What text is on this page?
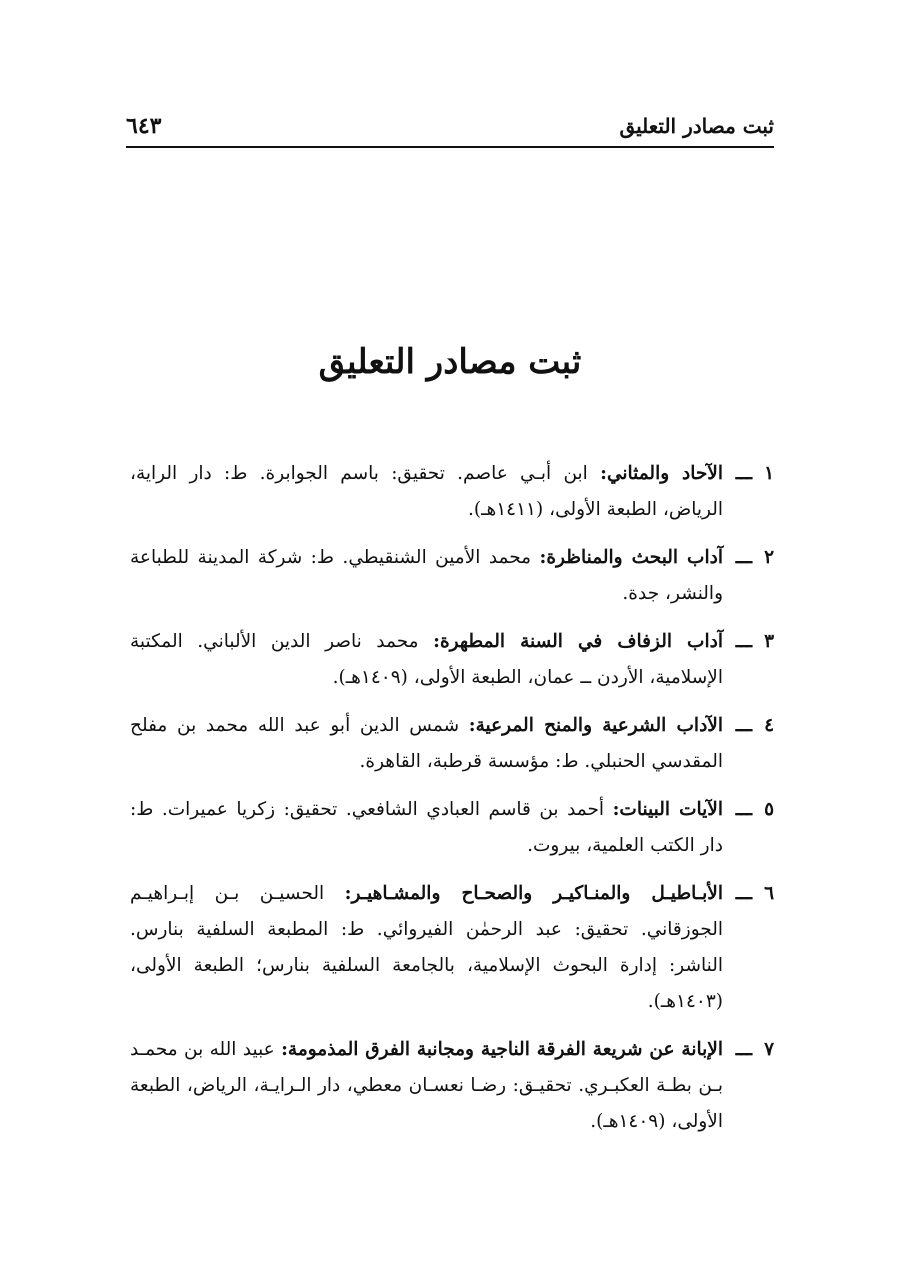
ثبت مصادر التعليق
٦٤٣
ثبت مصادر التعليق
١ـــ
الآحاد والمثاني: ابن أبـي عاصم. تحقيق: باسم الجوابرة. ط: دار الراية، الرياض، الطبعة الأولى، (١٤١١هـ).
٢ـــ
آداب البحث والمناظرة: محمد الأمين الشنقيطي. ط: شركة المدينة للطباعة والنشر، جدة.
٣ـــ
آداب الزفاف في السنة المطهرة: محمد ناصر الدين الألباني. المكتبة الإسلامية، الأردن ــ عمان، الطبعة الأولى، (١٤٠٩هـ).
٤ـــ
الآداب الشرعية والمنح المرعية: شمس الدين أبو عبد الله محمد بن مفلح المقدسي الحنبلي. ط: مؤسسة قرطبة، القاهرة.
٥ـــ
الآيات البينات: أحمد بن قاسم العبادي الشافعي. تحقيق: زكريا عميرات. ط: دار الكتب العلمية، بيروت.
٦ـــ
الأبـاطيـل والمنـاكيـر والصحـاح والمشـاهيـر: الحسيـن بـن إبـراهيـم الجوزقاني. تحقيق: عبد الرحمٰن الفيروائي. ط: المطبعة السلفية بنارس. الناشر: إدارة البحوث الإسلامية، بالجامعة السلفية بنارس؛ الطبعة الأولى، (١٤٠٣هـ).
٧ـــ
الإبانة عن شريعة الفرقة الناجية ومجانبة الفرق المذمومة: عبيد الله بن محمـد بـن بطـة العكبـري. تحقيـق: رضـا نعسـان معطي، دار الـرايـة، الرياض، الطبعة الأولى، (١٤٠٩هـ).
